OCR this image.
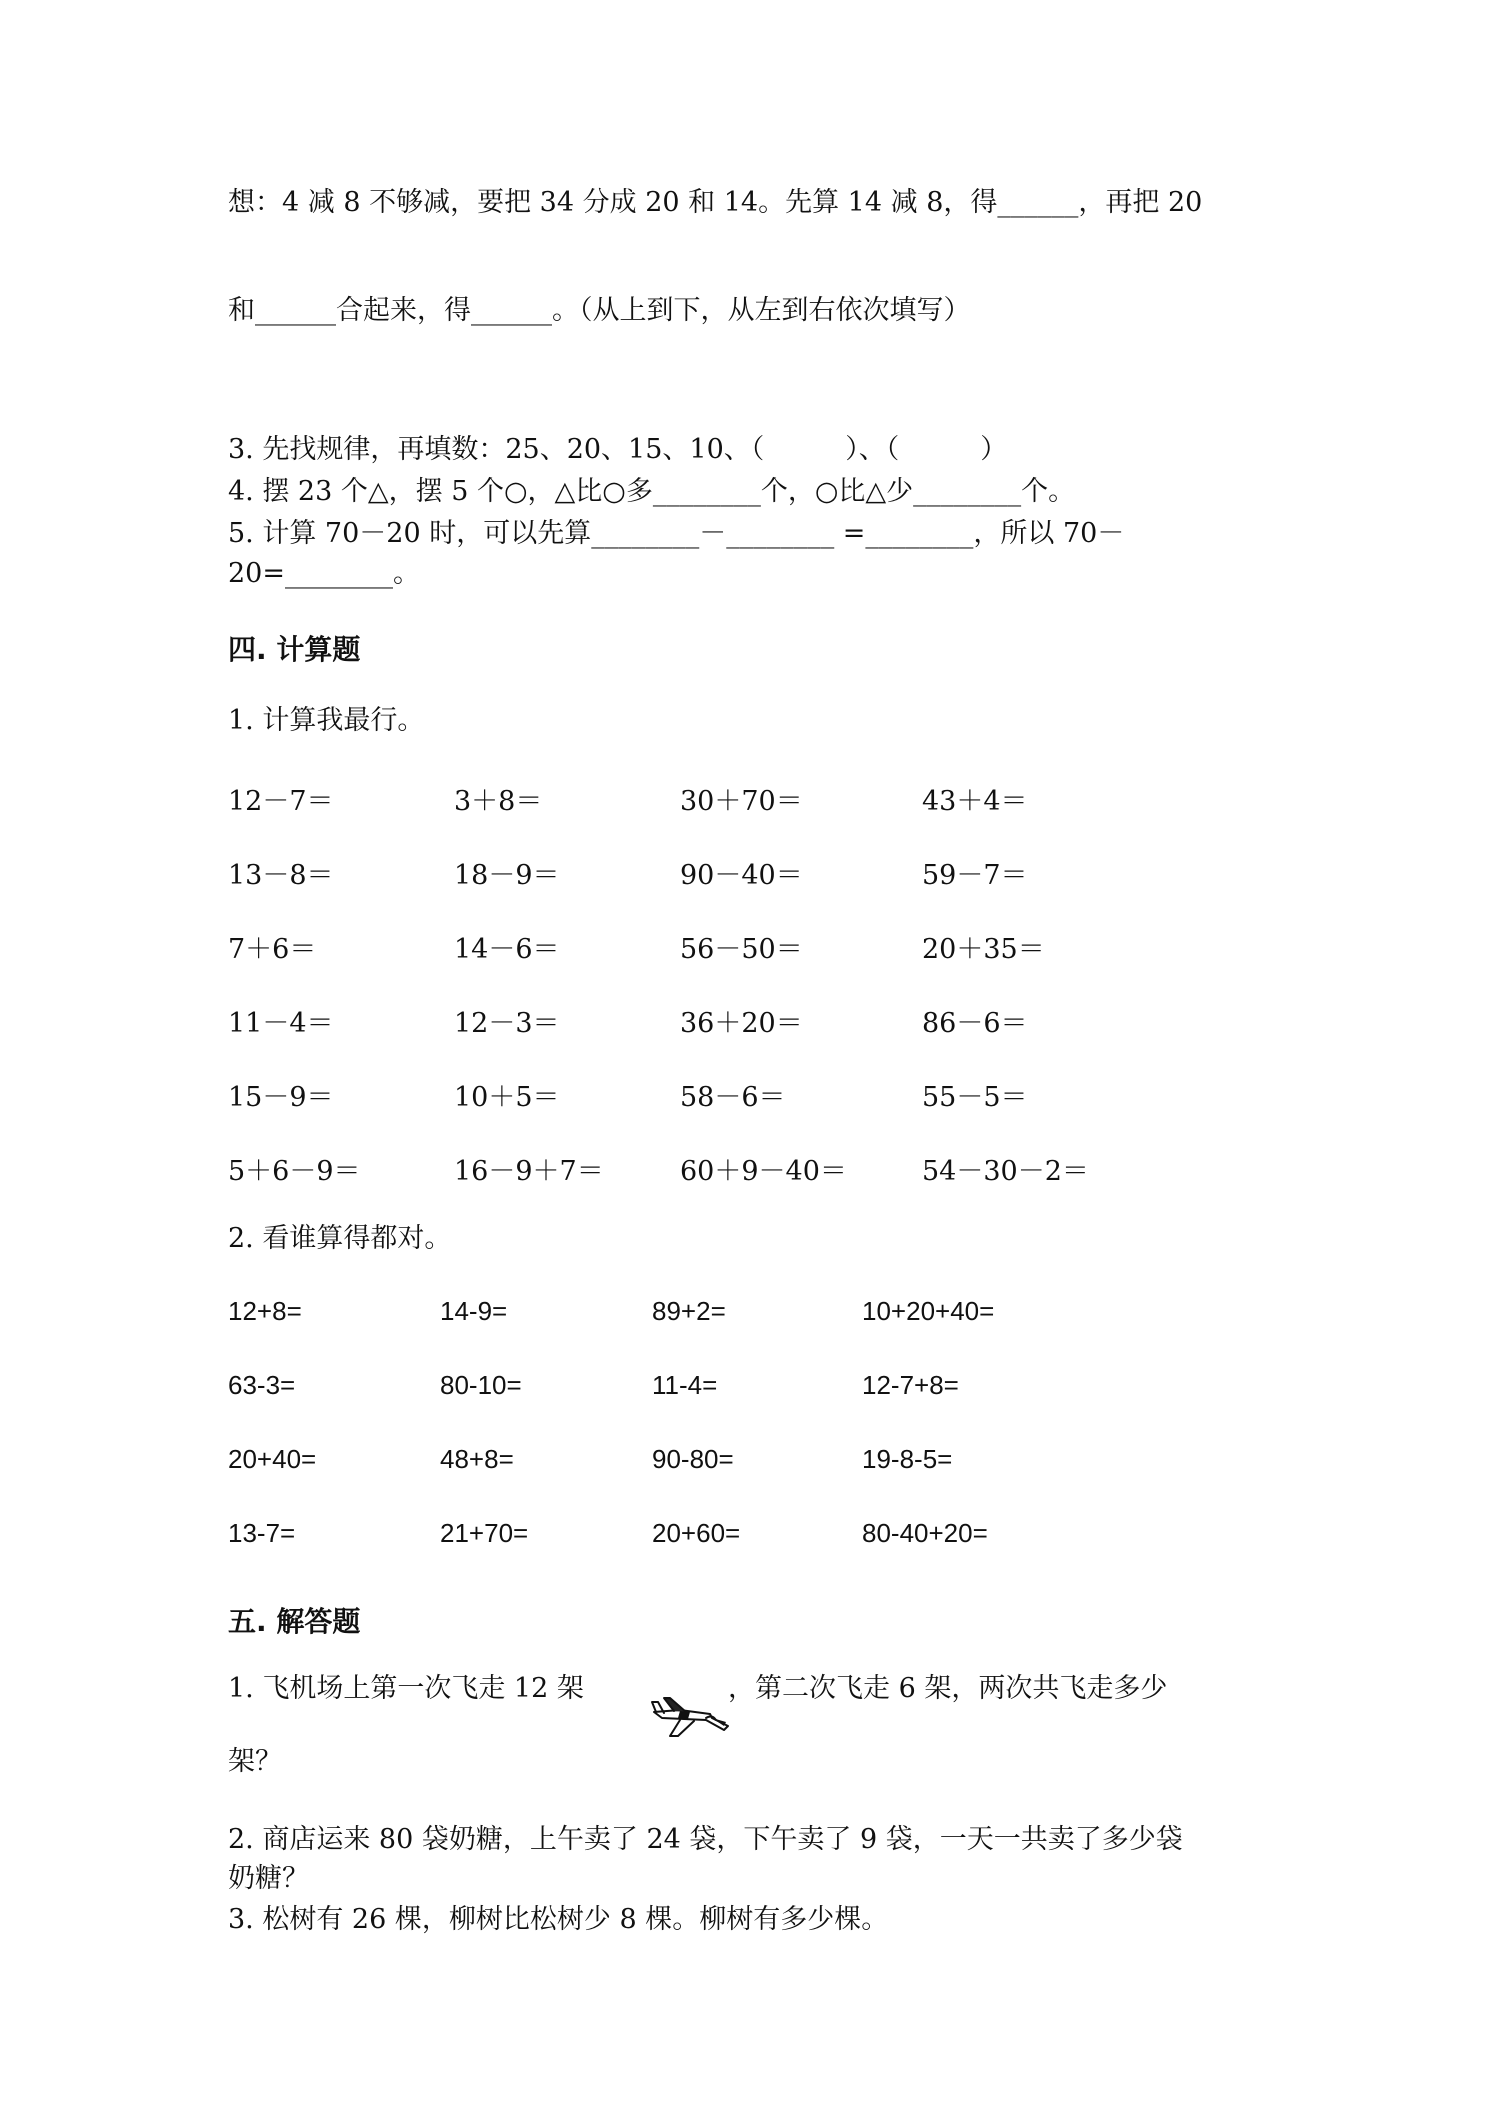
想：4 减 8 不够减，要把 34 分成 20 和 14。先算 14 减 8，得______，再把 20
和______合起来，得______。（从上到下，从左到右依次填写）
3. 先找规律，再填数：25、20、15、10、（　　　）、（　　　）
4. 摆 23 个△，摆 5 个○，△比○多________个，○比△少________个。
5. 计算 70－20 时，可以先算________－________ =________，所以 70－
20=________。
四. 计算题
1. 计算我最行。
12－7＝	3＋8＝	30＋70＝	43＋4＝
13－8＝	18－9＝	90－40＝	59－7＝
7＋6＝	14－6＝	56－50＝	20＋35＝
11－4＝	12－3＝	36＋20＝	86－6＝
15－9＝	10＋5＝	58－6＝	55－5＝
5＋6－9＝	16－9＋7＝	60＋9－40＝	54－30－2＝
2. 看谁算得都对。
12+8=	14-9=	89+2=	10+20+40=
63-3=	80-10=	11-4=	12-7+8=
20+40=	48+8=	90-80=	19-8-5=
13-7=	21+70=	20+60=	80-40+20=
五. 解答题
1. 飞机场上第一次飞走 12 架	，第二次飞走 6 架，两次共飞走多少
架？
2. 商店运来 80 袋奶糖，上午卖了 24 袋，下午卖了 9 袋，一天一共卖了多少袋
奶糖？
3. 松树有 26 棵，柳树比松树少 8 棵。柳树有多少棵。
